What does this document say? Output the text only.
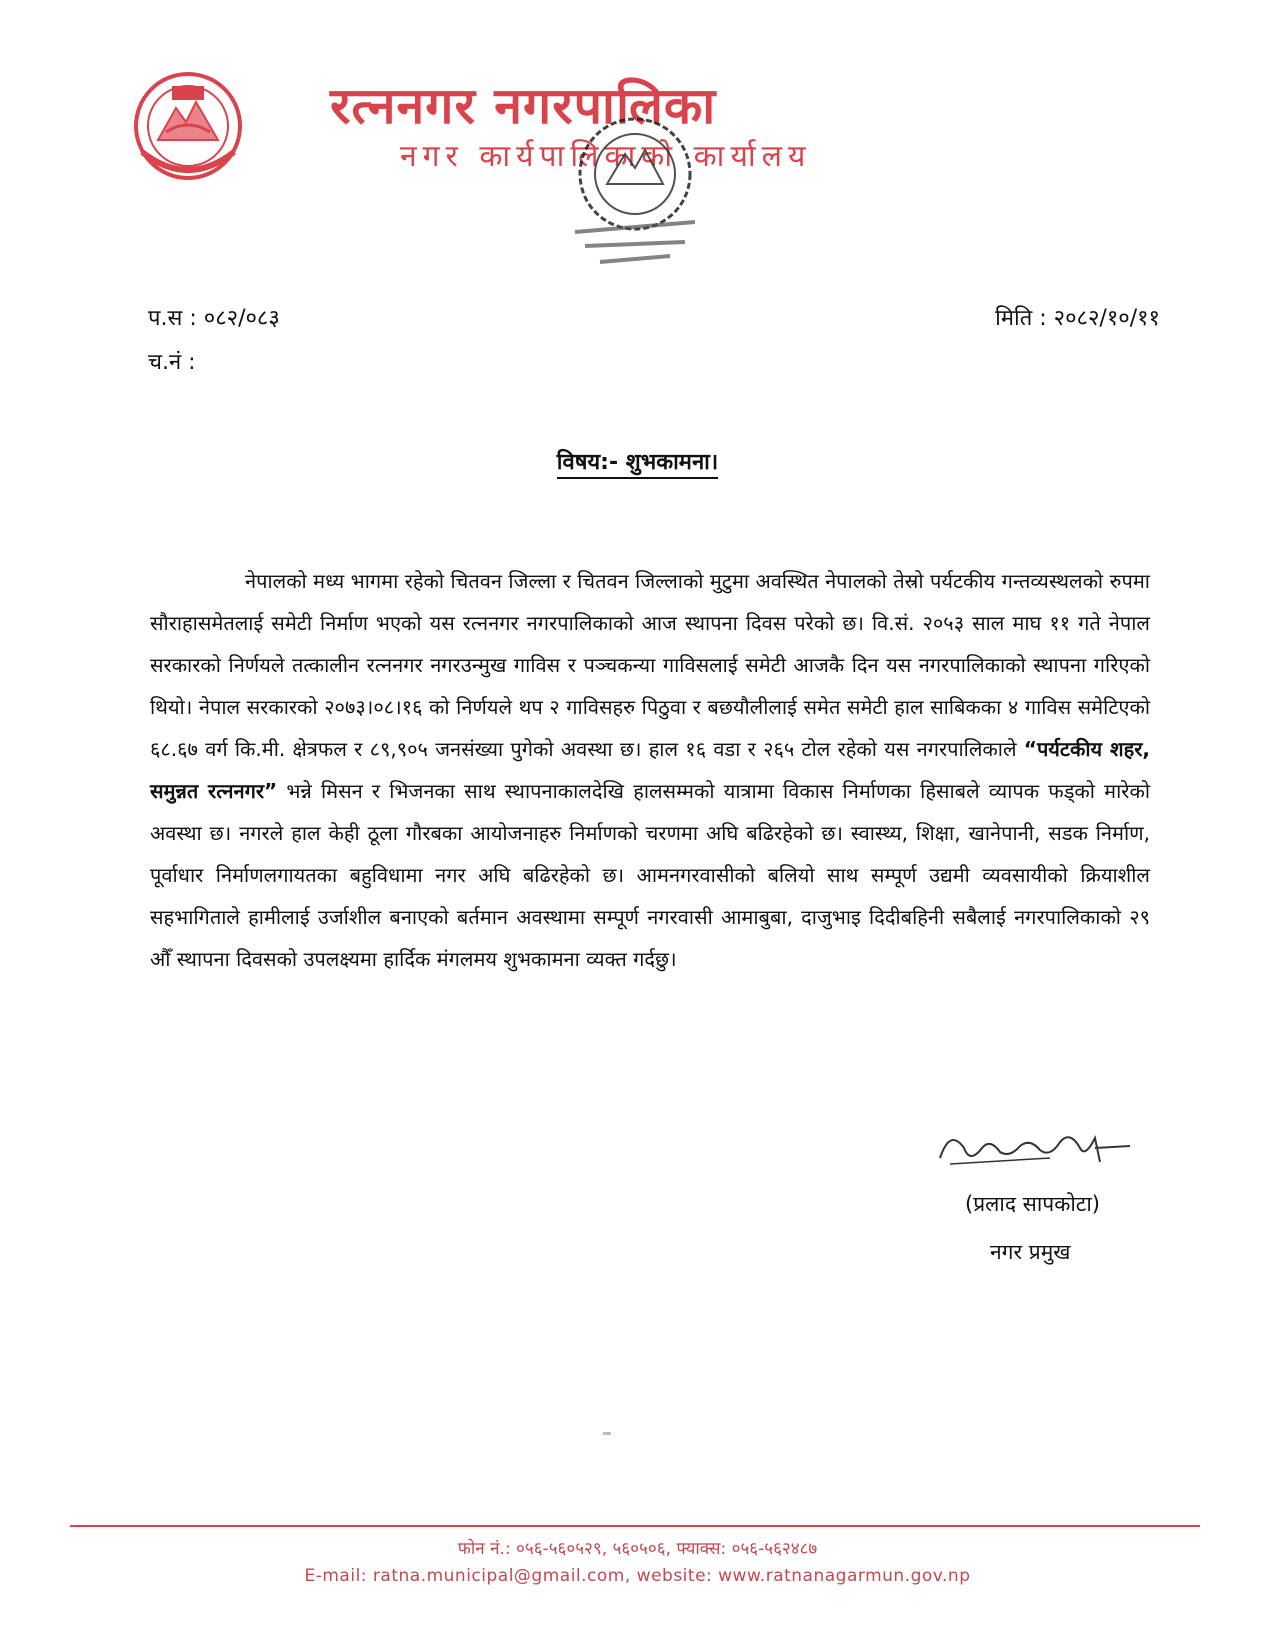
रत्ननगर नगरपालिका
नगर कार्यपालिकाको कार्यालय
प.स : ०८२/०८३
च.नं :
मिति : २०८२/१०/११
विषय:- शुभकामना।
नेपालको मध्य भागमा रहेको चितवन जिल्ला र चितवन जिल्लाको मुटुमा अवस्थित नेपालको तेस्रो पर्यटकीय गन्तव्यस्थलको रुपमा सौराहासमेतलाई समेटी निर्माण भएको यस रत्ननगर नगरपालिकाको आज स्थापना दिवस परेको छ। वि.सं. २०५३ साल माघ ११ गते नेपाल सरकारको निर्णयले तत्कालीन रत्ननगर नगरउन्मुख गाविस र पञ्चकन्या गाविसलाई समेटी आजकै दिन यस नगरपालिकाको स्थापना गरिएको थियो। नेपाल सरकारको २०७३।०८।१६ को निर्णयले थप २ गाविसहरु पिठुवा र बछयौलीलाई समेत समेटी हाल साबिकका ४ गाविस समेटिएको ६८.६७ वर्ग कि.मी. क्षेत्रफल र ८९,९०५ जनसंख्या पुगेको अवस्था छ। हाल १६ वडा र २६५ टोल रहेको यस नगरपालिकाले “पर्यटकीय शहर, समुन्नत रत्ननगर” भन्ने मिसन र भिजनका साथ स्थापनाकालदेखि हालसम्मको यात्रामा विकास निर्माणका हिसाबले व्यापक फड्को मारेको अवस्था छ। नगरले हाल केही ठूला गौरबका आयोजनाहरु निर्माणको चरणमा अघि बढिरहेको छ। स्वास्थ्य, शिक्षा, खानेपानी, सडक निर्माण, पूर्वाधार निर्माणलगायतका बहुविधामा नगर अघि बढिरहेको छ। आमनगरवासीको बलियो साथ सम्पूर्ण उद्यमी व्यवसायीको क्रियाशील सहभागिताले हामीलाई उर्जाशील बनाएको बर्तमान अवस्थामा सम्पूर्ण नगरवासी आमाबुबा, दाजुभाइ दिदीबहिनी सबैलाई नगरपालिकाको २९ औँ स्थापना दिवसको उपलक्ष्यमा हार्दिक मंगलमय शुभकामना व्यक्त गर्दछु।
(प्रलाद सापकोटा)
नगर प्रमुख
फोन नं.: ०५६-५६०५२९, ५६०५०६, फ्याक्स: ०५६-५६२४८७
E-mail: ratna.municipal@gmail.com, website: www.ratnanagarmun.gov.np
